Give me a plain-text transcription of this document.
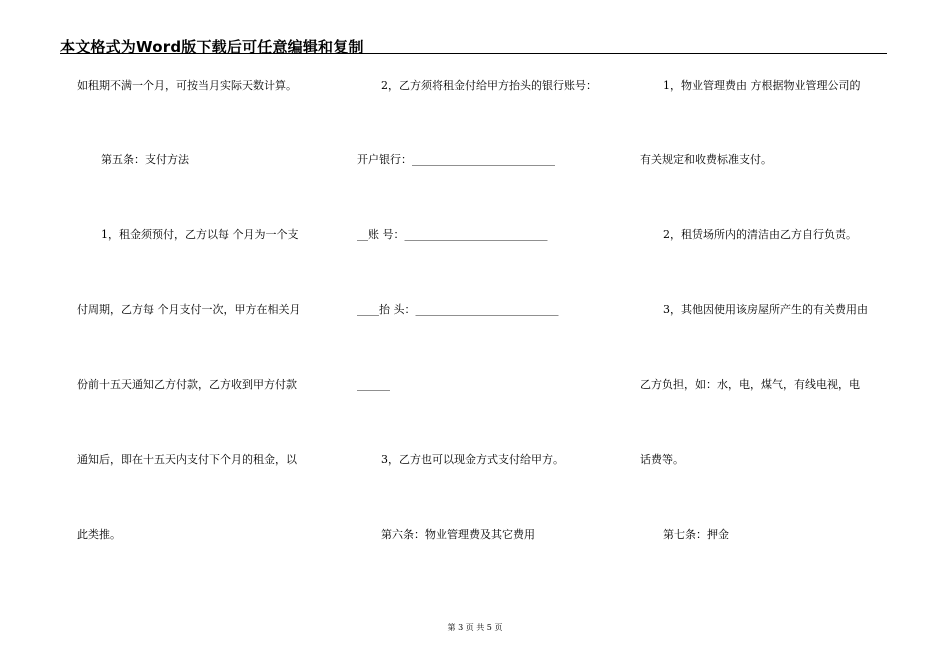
本文格式为Word版下载后可任意编辑和复制
如租期不满一个月，可按当月实际天数计算。
第五条：支付方法
1，租金须预付，乙方以每 个月为一个支
付周期，乙方每 个月支付一次，甲方在相关月
份前十五天通知乙方付款，乙方收到甲方付款
通知后，即在十五天内支付下个月的租金，以
此类推。
2，乙方须将租金付给甲方抬头的银行账号：
开户银行：__________________________
__账 号：__________________________
____抬 头：__________________________
______
3，乙方也可以现金方式支付给甲方。
第六条：物业管理费及其它费用
1，物业管理费由 方根据物业管理公司的
有关规定和收费标准支付。
2，租赁场所内的清洁由乙方自行负责。
3，其他因使用该房屋所产生的有关费用由
乙方负担，如：水，电，煤气，有线电视，电
话费等。
第七条：押金
第 3 页 共 5 页
